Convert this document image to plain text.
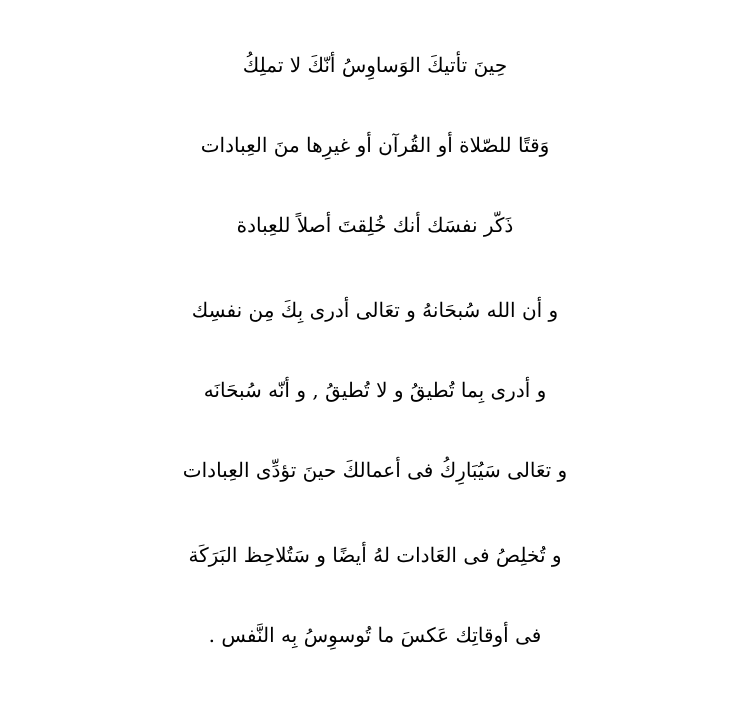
حِينَ تأتيكَ الوَساوِسُ أنّكَ لا تملِكُ
وَقتًا للصّلاة أو القُرآن أو غيرِها منَ العِبادات
ذَكّر نفسَك أنك خُلِقتَ أصلاً للعِبادة
و أن الله سُبحَانهُ و تعَالى أدرى بِكَ مِن نفسِك
و أدرى بِما تُطيقُ و لا تُطيقُ , و أنّه سُبحَانَه
و تعَالى سَيُبَارِكُ فى أعمالكَ حينَ تؤدِّى العِبادات
و تُخلِصُ فى العَادات لهُ أيضًا و سَتُلاحِظ البَرَكَة
فى أوقاتِك عَكسَ ما تُوسوِسُ بِه النَّفس .
